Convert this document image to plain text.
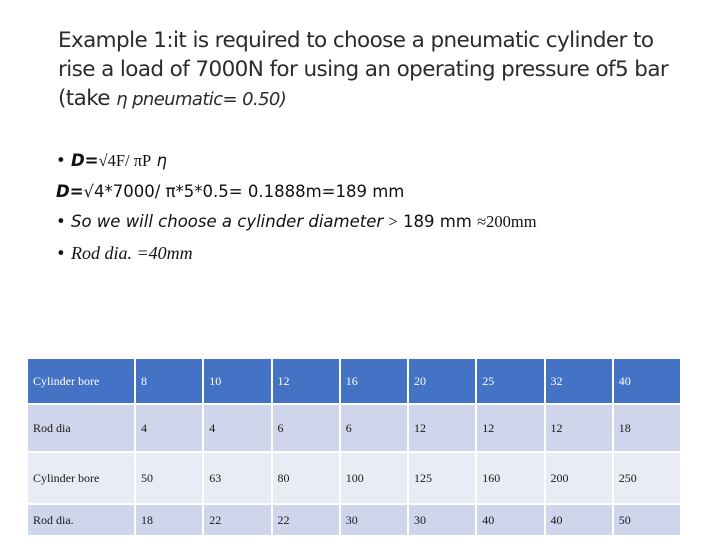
Example 1:it is required to choose a pneumatic cylinder to
rise a load of 7000N for using an operating pressure of5 bar
(take η pneumatic= 0.50)
• D=√4F/ πP η
D=√4*7000/ π*5*0.5= 0.1888m=189 mm
• So we will choose a cylinder diameter > 189 mm ≈200mm
• Rod dia. =40mm
Cylinder bore	8	10	12	16	20	25	32	40
Rod dia	4	4	6	6	12	12	12	18
Cylinder bore	50	63	80	100	125	160	200	250
Rod dia.	18	22	22	30	30	40	40	50
